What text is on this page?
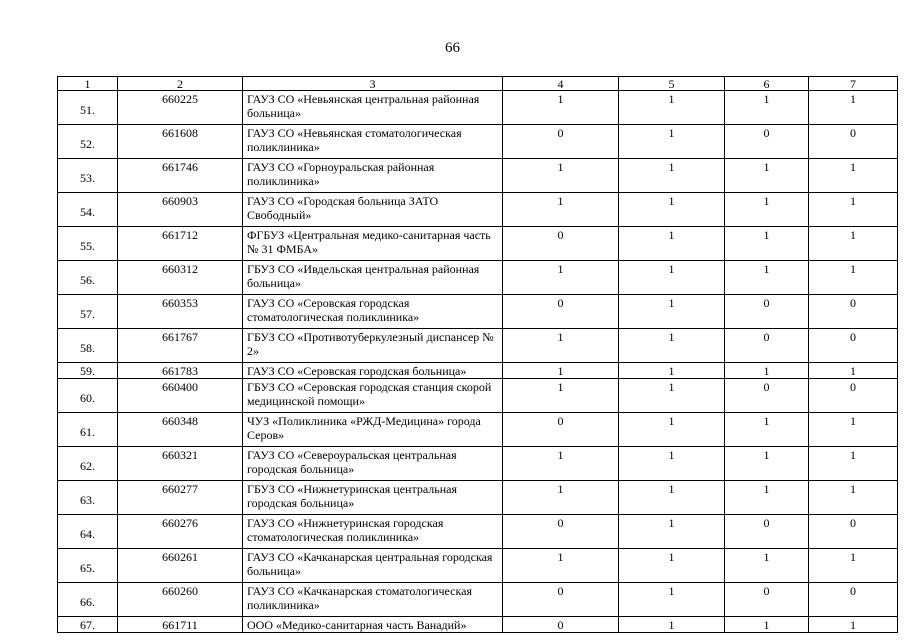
66
1	2	3	4	5	6	7
51.	660225	ГАУЗ СО «Невьянская центральная районная больница»	1	1	1	1
52.	661608	ГАУЗ СО «Невьянская стоматологическая поликлиника»	0	1	0	0
53.	661746	ГАУЗ СО «Горноуральская районная поликлиника»	1	1	1	1
54.	660903	ГАУЗ СО «Городская больница ЗАТО Свободный»	1	1	1	1
55.	661712	ФГБУЗ «Центральная медико-санитарная часть № 31 ФМБА»	0	1	1	1
56.	660312	ГБУЗ СО «Ивдельская центральная районная больница»	1	1	1	1
57.	660353	ГАУЗ СО «Серовская городская стоматологическая поликлиника»	0	1	0	0
58.	661767	ГБУЗ СО «Противотуберкулезный диспансер № 2»	1	1	0	0
59.	661783	ГАУЗ СО «Серовская городская больница»	1	1	1	1
60.	660400	ГБУЗ СО «Серовская городская станция скорой медицинской помощи»	1	1	0	0
61.	660348	ЧУЗ «Поликлиника «РЖД-Медицина» города Серов»	0	1	1	1
62.	660321	ГАУЗ СО «Североуральская центральная городская больница»	1	1	1	1
63.	660277	ГБУЗ СО «Нижнетуринская центральная городская больница»	1	1	1	1
64.	660276	ГАУЗ СО «Нижнетуринская городская стоматологическая поликлиника»	0	1	0	0
65.	660261	ГАУЗ СО «Качканарская центральная городская больница»	1	1	1	1
66.	660260	ГАУЗ СО «Качканарская стоматологическая поликлиника»	0	1	0	0
67.	661711	ООО «Медико-санитарная часть Ванадий»	0	1	1	1
